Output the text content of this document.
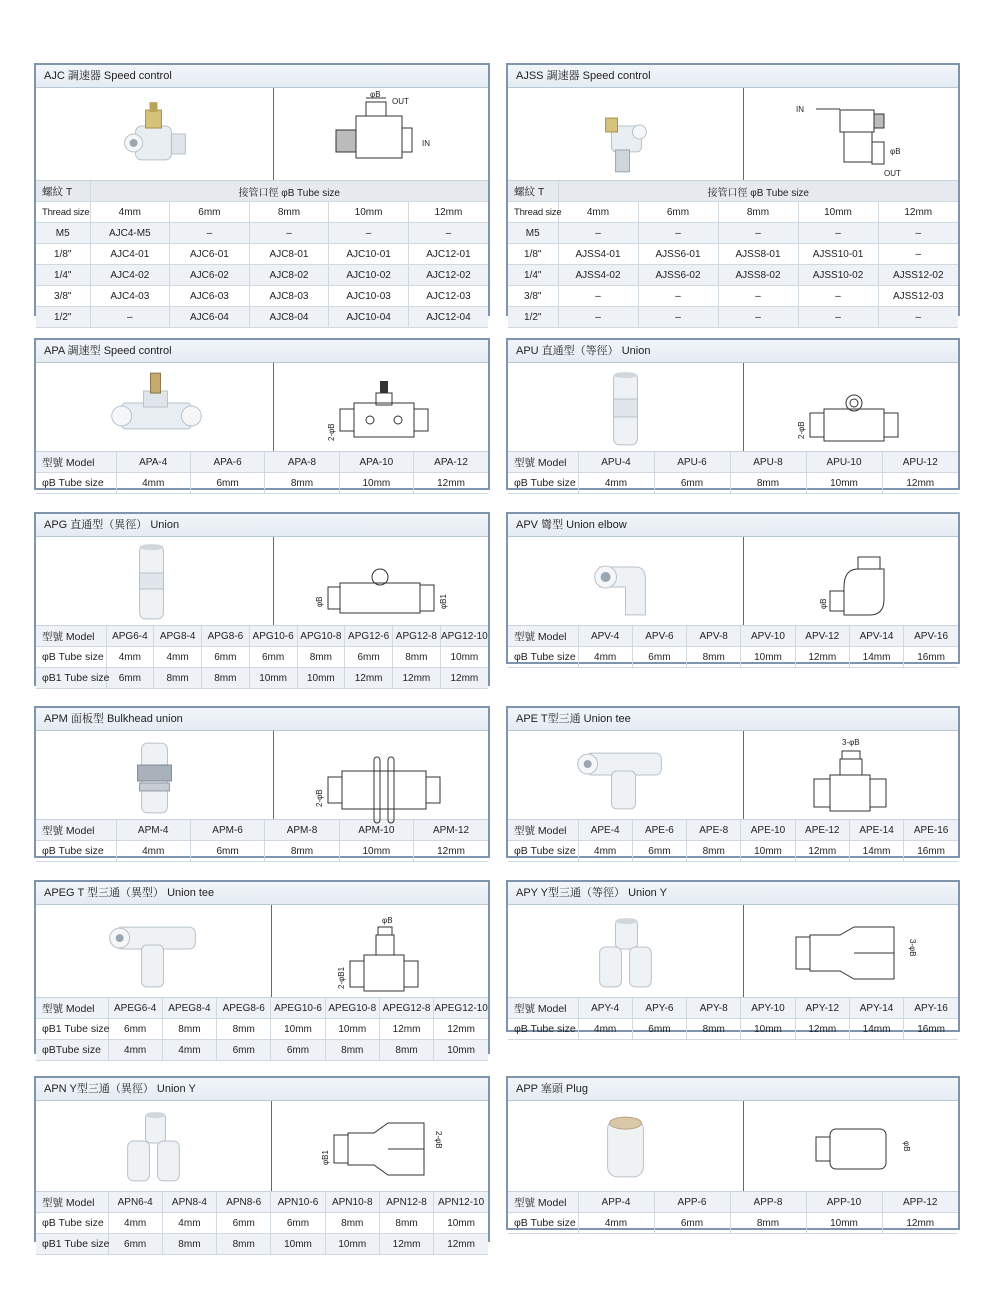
AJC 調速器 Speed control
φB
OUT
IN
螺紋 T	接管口徑 φB Tube size				
Thread size	4mm	6mm	8mm	10mm	12mm
M5	AJC4-M5	–	–	–	–
1/8"	AJC4-01	AJC6-01	AJC8-01	AJC10-01	AJC12-01
1/4"	AJC4-02	AJC6-02	AJC8-02	AJC10-02	AJC12-02
3/8"	AJC4-03	AJC6-03	AJC8-03	AJC10-03	AJC12-03
1/2"	–	AJC6-04	AJC8-04	AJC10-04	AJC12-04
AJSS 調速器 Speed control
IN
φB
OUT
螺紋 T	接管口徑 φB Tube size				
Thread size	4mm	6mm	8mm	10mm	12mm
M5	–	–	–	–	–
1/8"	AJSS4-01	AJSS6-01	AJSS8-01	AJSS10-01	–
1/4"	AJSS4-02	AJSS6-02	AJSS8-02	AJSS10-02	AJSS12-02
3/8"	–	–	–	–	AJSS12-03
1/2"	–	–	–	–	–
APA 調速型 Speed control
2-φB
型號 Model	APA-4	APA-6	APA-8	APA-10	APA-12
φB Tube size	4mm	6mm	8mm	10mm	12mm
APU 直通型（等徑） Union
2-φB
型號 Model	APU-4	APU-6	APU-8	APU-10	APU-12
φB Tube size	4mm	6mm	8mm	10mm	12mm
APG 直通型（異徑） Union
φB	φB1
型號 Model	APG6-4	APG8-4	APG8-6	APG10-6	APG10-8	APG12-6	APG12-8	APG12-10
φB Tube size	4mm	4mm	6mm	6mm	8mm	6mm	8mm	10mm
φB1 Tube size	6mm	8mm	8mm	10mm	10mm	12mm	12mm	12mm
APV 彎型 Union elbow
φB
型號 Model	APV-4	APV-6	APV-8	APV-10	APV-12	APV-14	APV-16
φB Tube size	4mm	6mm	8mm	10mm	12mm	14mm	16mm
APM 面板型 Bulkhead union
2-φB
型號 Model	APM-4	APM-6	APM-8	APM-10	APM-12
φB Tube size	4mm	6mm	8mm	10mm	12mm
APE T型三通 Union tee
3-φB
型號 Model	APE-4	APE-6	APE-8	APE-10	APE-12	APE-14	APE-16
φB Tube size	4mm	6mm	8mm	10mm	12mm	14mm	16mm
APEG T 型三通（異型） Union tee
φB
2-φB1
型號 Model	APEG6-4	APEG8-4	APEG8-6	APEG10-6	APEG10-8	APEG12-8	APEG12-10
φB1 Tube size	6mm	8mm	8mm	10mm	10mm	12mm	12mm
φBTube size	4mm	4mm	6mm	6mm	8mm	8mm	10mm
APY Y型三通（等徑） Union Y
3-φB
型號 Model	APY-4	APY-6	APY-8	APY-10	APY-12	APY-14	APY-16
φB Tube size	4mm	6mm	8mm	10mm	12mm	14mm	16mm
APN Y型三通（異徑） Union Y
φB1
2-φB
型號 Model	APN6-4	APN8-4	APN8-6	APN10-6	APN10-8	APN12-8	APN12-10
φB Tube size	4mm	4mm	6mm	6mm	8mm	8mm	10mm
φB1 Tube size	6mm	8mm	8mm	10mm	10mm	12mm	12mm
APP 塞頭 Plug
φB
型號 Model	APP-4	APP-6	APP-8	APP-10	APP-12
φB Tube size	4mm	6mm	8mm	10mm	12mm
